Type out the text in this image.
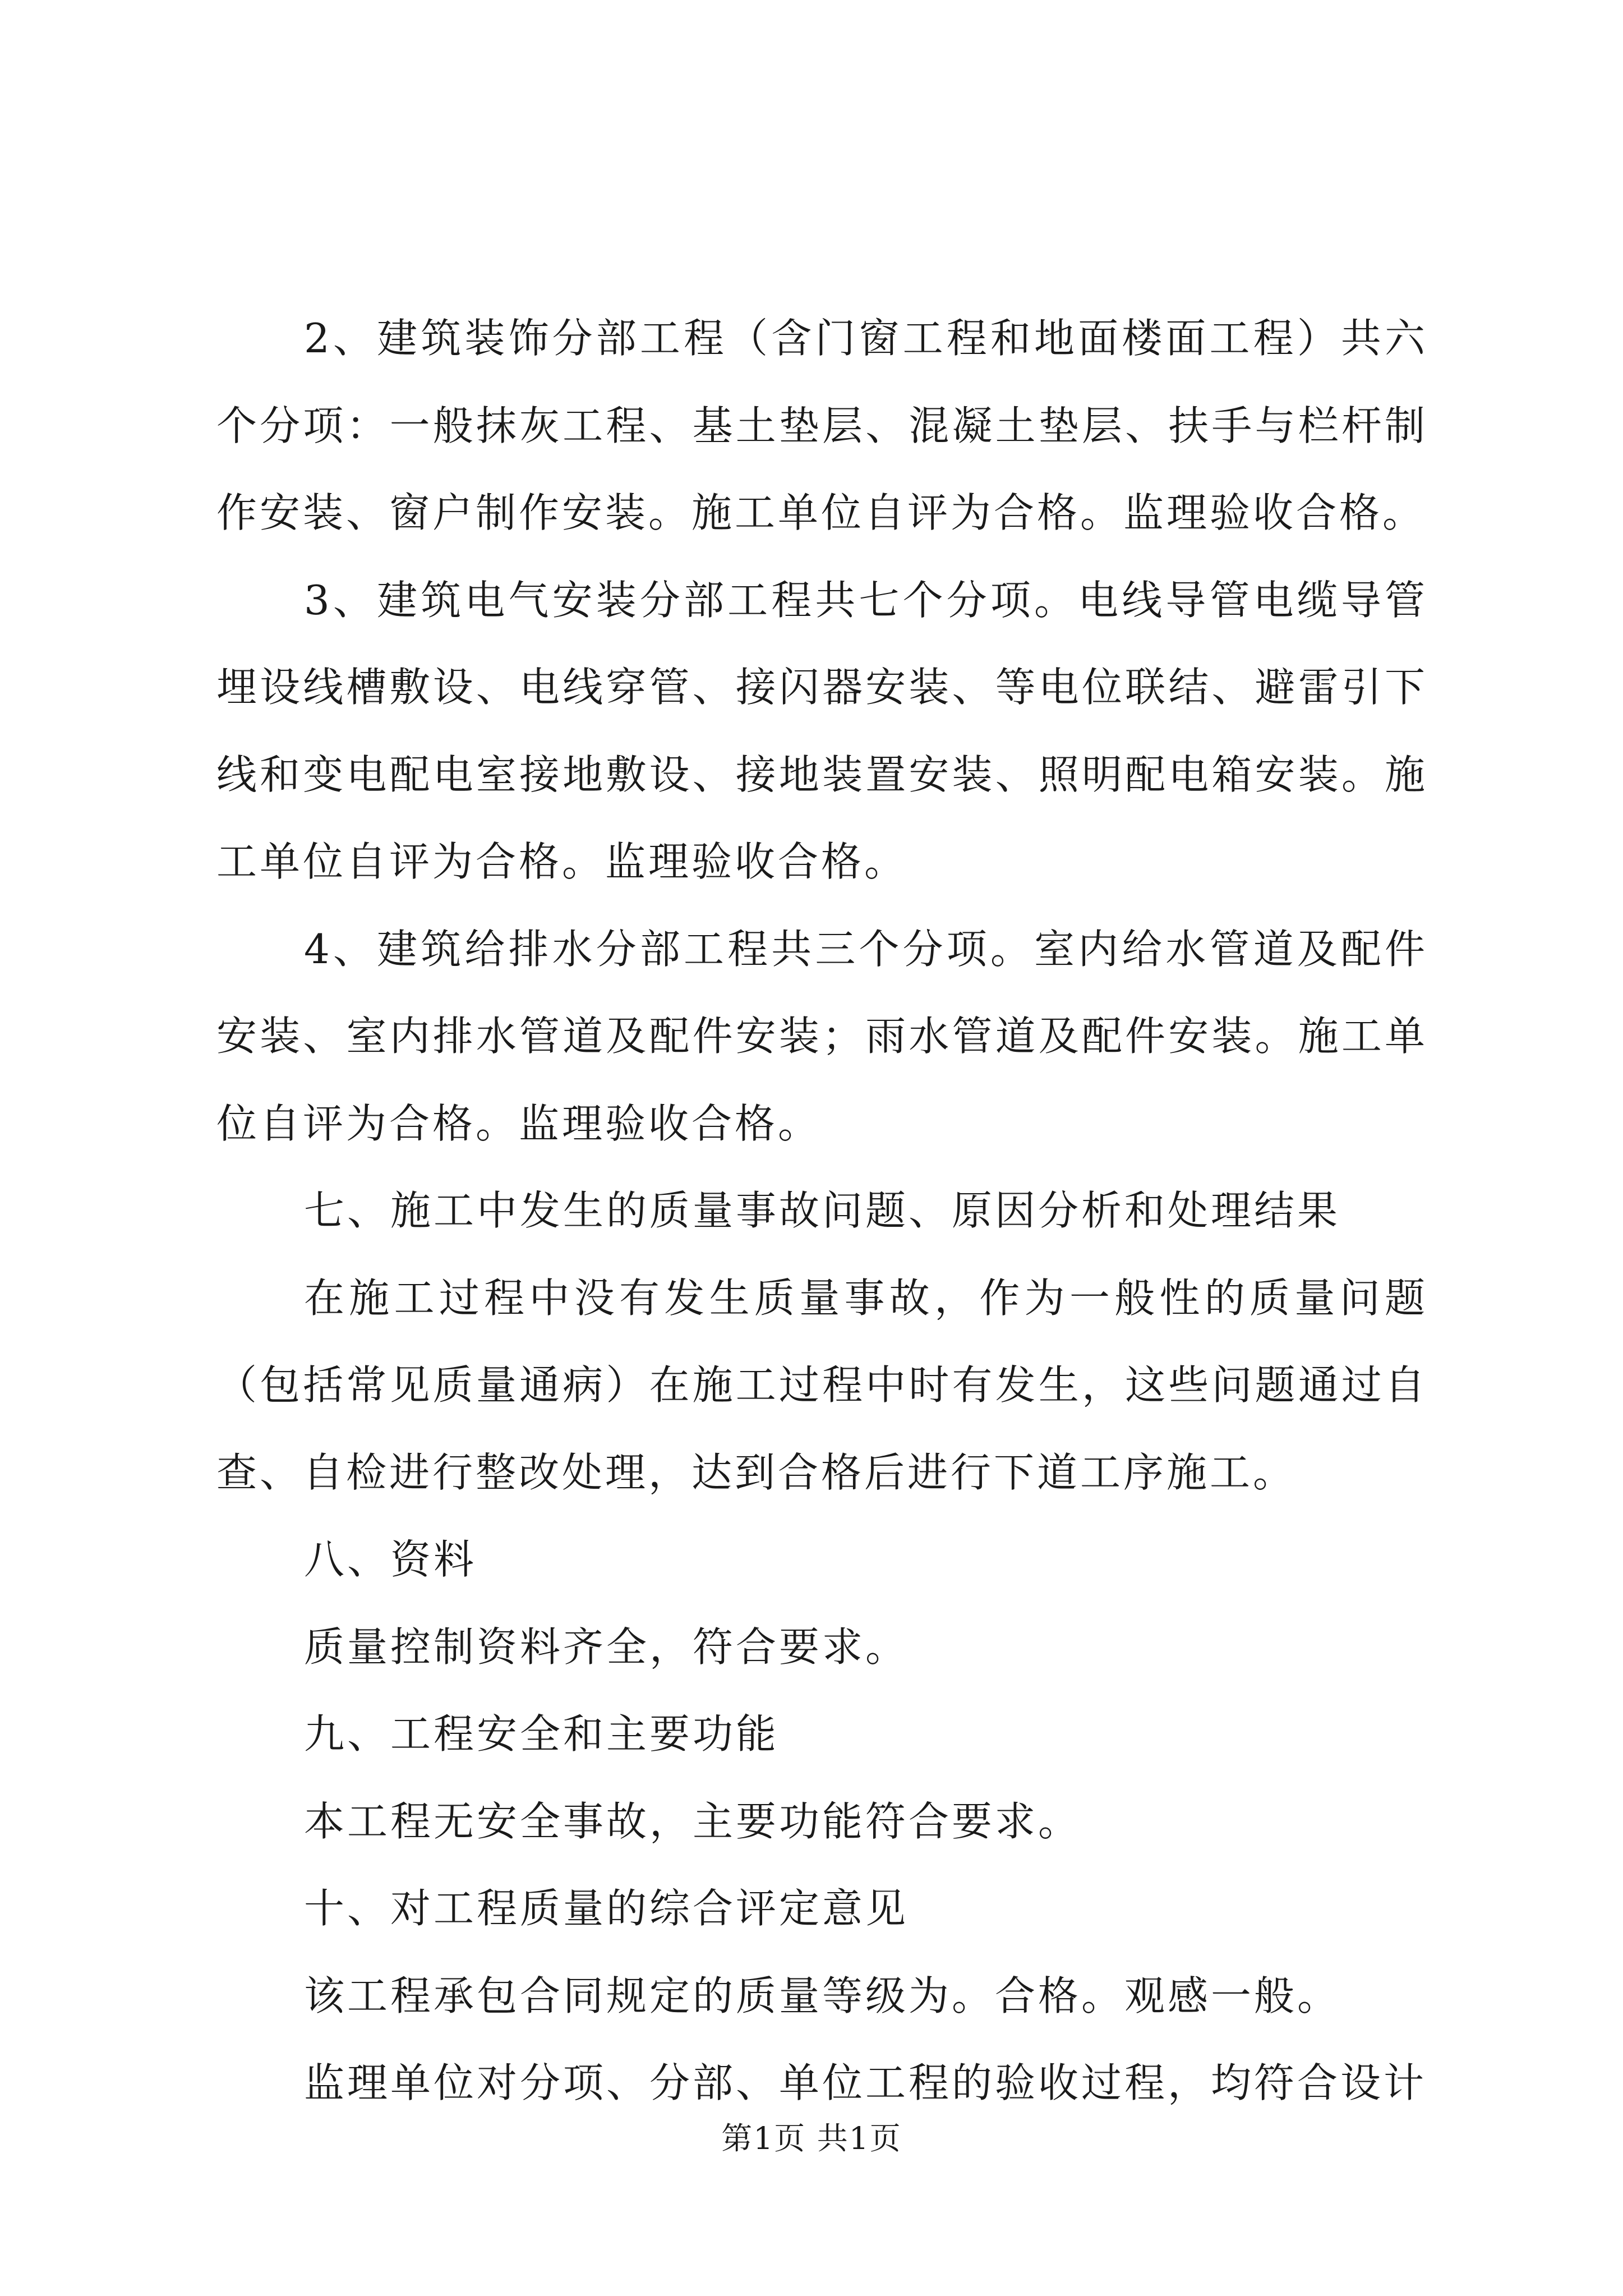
2、建筑装饰分部工程（含门窗工程和地面楼面工程）共六个分项：一般抹灰工程、基土垫层、混凝土垫层、扶手与栏杆制作安装、窗户制作安装。施工单位自评为合格。监理验收合格。

3、建筑电气安装分部工程共七个分项。电线导管电缆导管埋设线槽敷设、电线穿管、接闪器安装、等电位联结、避雷引下线和变电配电室接地敷设、接地装置安装、照明配电箱安装。施工单位自评为合格。监理验收合格。

4、建筑给排水分部工程共三个分项。室内给水管道及配件安装、室内排水管道及配件安装；雨水管道及配件安装。施工单位自评为合格。监理验收合格。

七、施工中发生的质量事故问题、原因分析和处理结果

在施工过程中没有发生质量事故，作为一般性的质量问题（包括常见质量通病）在施工过程中时有发生，这些问题通过自查、自检进行整改处理，达到合格后进行下道工序施工。

八、资料

质量控制资料齐全，符合要求。

九、工程安全和主要功能

本工程无安全事故，主要功能符合要求。

十、对工程质量的综合评定意见

该工程承包合同规定的质量等级为。合格。观感一般。

监理单位对分项、分部、单位工程的验收过程，均符合设计

第1页 共1页
